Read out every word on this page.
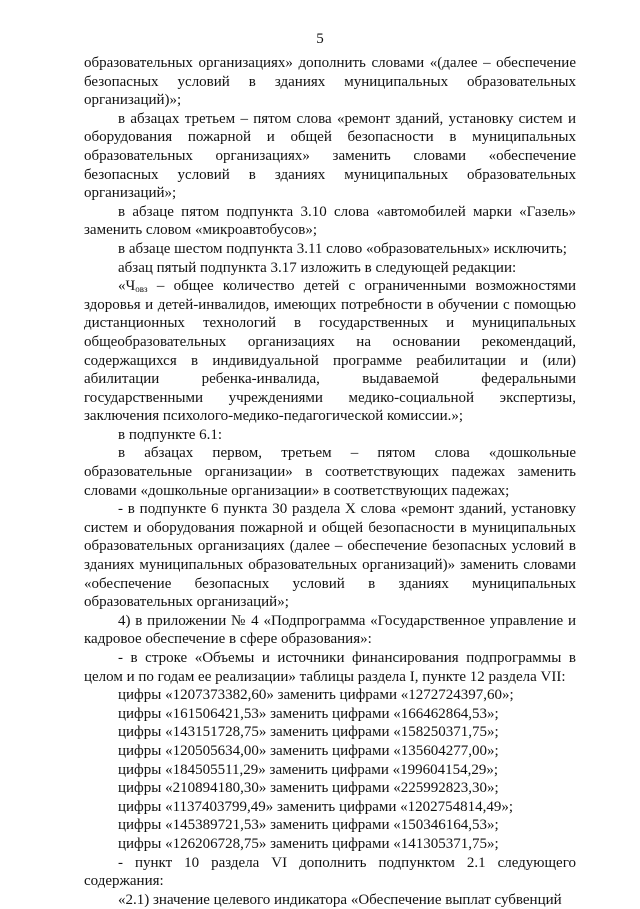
5

образовательных организациях» дополнить словами «(далее – обеспечение безопасных условий в зданиях муниципальных образовательных организаций)»;

в абзацах третьем – пятом слова «ремонт зданий, установку систем и оборудования пожарной и общей безопасности в муниципальных образовательных организациях» заменить словами «обеспечение безопасных условий в зданиях муниципальных образовательных организаций»;

в абзаце пятом подпункта 3.10 слова «автомобилей марки «Газель» заменить словом «микроавтобусов»;

в абзаце шестом подпункта 3.11 слово «образовательных» исключить;

абзац пятый подпункта 3.17 изложить в следующей редакции:

«$Ч_{овз}$ – общее количество детей с ограниченными возможностями здоровья и детей-инвалидов, имеющих потребности в обучении с помощью дистанционных технологий в государственных и муниципальных общеобразовательных организациях на основании рекомендаций, содержащихся в индивидуальной программе реабилитации и (или) абилитации ребенка-инвалида, выдаваемой федеральными государственными учреждениями медико-социальной экспертизы, заключения психолого-медико-педагогической комиссии.»;

в подпункте 6.1:

в абзацах первом, третьем – пятом слова «дошкольные образовательные организации» в соответствующих падежах заменить словами «дошкольные организации» в соответствующих падежах;

- в подпункте 6 пункта 30 раздела X слова «ремонт зданий, установку систем и оборудования пожарной и общей безопасности в муниципальных образовательных организациях (далее – обеспечение безопасных условий в зданиях муниципальных образовательных организаций)» заменить словами «обеспечение безопасных условий в зданиях муниципальных образовательных организаций»;

4) в приложении № 4 «Подпрограмма «Государственное управление и кадровое обеспечение в сфере образования»:

- в строке «Объемы и источники финансирования подпрограммы в целом и по годам ее реализации» таблицы раздела I, пункте 12 раздела VII:

цифры «1207373382,60» заменить цифрами «1272724397,60»;

цифры «161506421,53» заменить цифрами «166462864,53»;

цифры «143151728,75» заменить цифрами «158250371,75»;

цифры «120505634,00» заменить цифрами «135604277,00»;

цифры «184505511,29» заменить цифрами «199604154,29»;

цифры «210894180,30» заменить цифрами «225992823,30»;

цифры «1137403799,49» заменить цифрами «1202754814,49»;

цифры «145389721,53» заменить цифрами «150346164,53»;

цифры «126206728,75» заменить цифрами «141305371,75»;

- пункт 10 раздела VI дополнить подпунктом 2.1 следующего содержания:

«2.1) значение целевого индикатора «Обеспечение выплат субвенций
